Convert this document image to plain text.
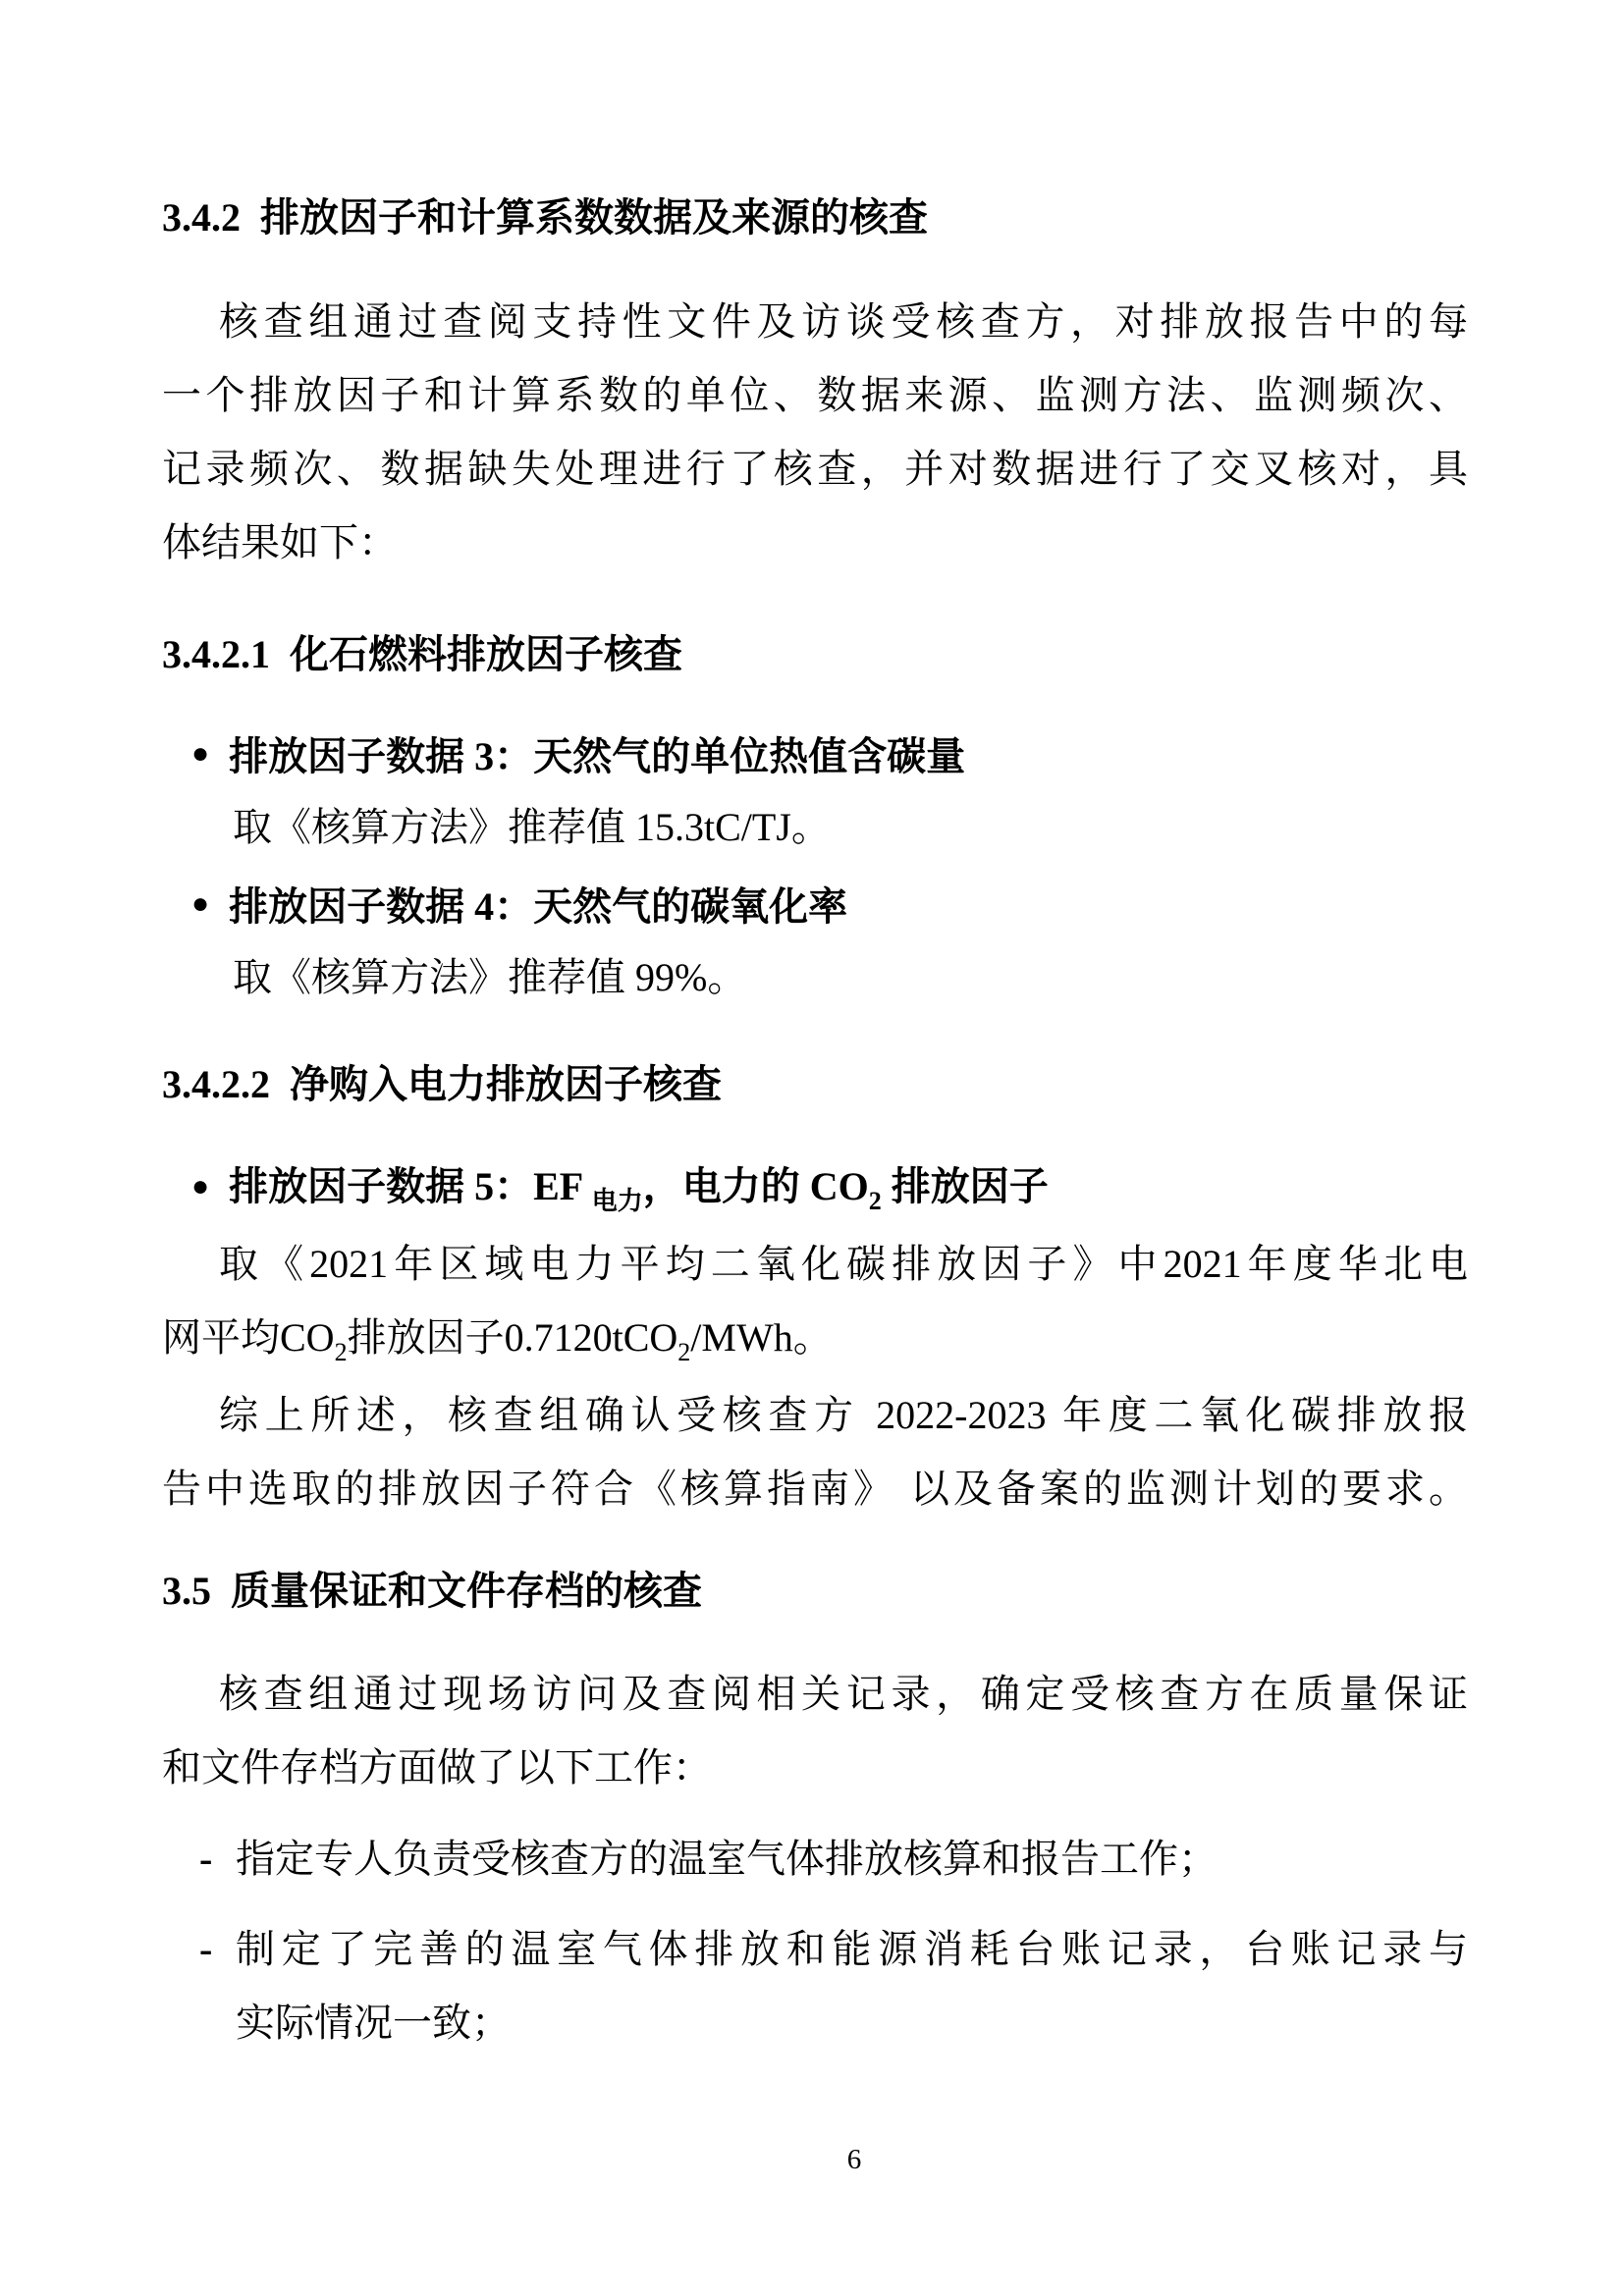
3.4.2 排放因子和计算系数数据及来源的核查
核查组通过查阅支持性文件及访谈受核查方，对排放报告中的每
一个排放因子和计算系数的单位、数据来源、监测方法、监测频次、
记录频次、数据缺失处理进行了核查，并对数据进行了交叉核对，具
体结果如下：
3.4.2.1 化石燃料排放因子核查
● 排放因子数据 3：天然气的单位热值含碳量
取《核算方法》推荐值 15.3tC/TJ。
● 排放因子数据 4：天然气的碳氧化率
取《核算方法》推荐值 99%。
3.4.2.2 净购入电力排放因子核查
● 排放因子数据 5：EF $_{电力}$，电力的 $CO_2$ 排放因子
取《2021年区域电力平均二氧化碳排放因子》中2021年度华北电
网平均$CO_2$排放因子0.7120tCO$_2$/MWh。
综上所述，核查组确认受核查方 2022-2023 年度二氧化碳排放报
告中选取的排放因子符合《核算指南》 以及备案的监测计划的要求。
3.5 质量保证和文件存档的核查
核查组通过现场访问及查阅相关记录，确定受核查方在质量保证
和文件存档方面做了以下工作：
- 指定专人负责受核查方的温室气体排放核算和报告工作；
- 制定了完善的温室气体排放和能源消耗台账记录，台账记录与
实际情况一致；
6
